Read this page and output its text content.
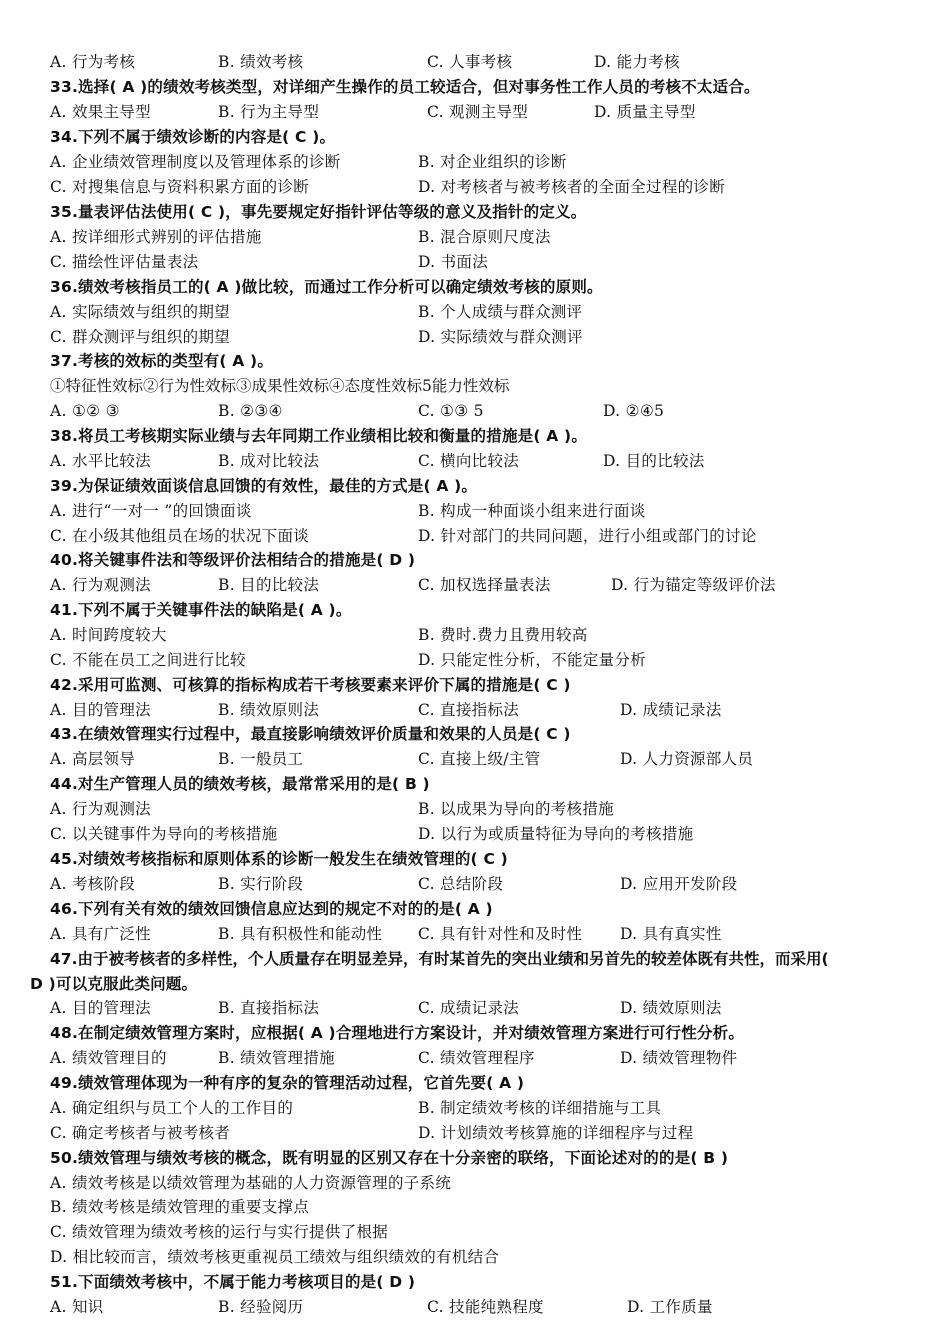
A. 行为考核	B. 绩效考核	C. 人事考核	D. 能力考核
33.选择( A )的绩效考核类型，对详细产生操作的员工较适合，但对事务性工作人员的考核不太适合。
A. 效果主导型	B. 行为主导型	C. 观测主导型	D. 质量主导型
34.下列不属于绩效诊断的内容是( C )。
A. 企业绩效管理制度以及管理体系的诊断	B. 对企业组织的诊断
C. 对搜集信息与资料积累方面的诊断	D. 对考核者与被考核者的全面全过程的诊断
35.量表评估法使用( C )，事先要规定好指针评估等级的意义及指针的定义。
A. 按详细形式辨别的评估措施	B. 混合原则尺度法
C. 描绘性评估量表法	D. 书面法
36.绩效考核指员工的( A )做比较，而通过工作分析可以确定绩效考核的原则。
A. 实际绩效与组织的期望	B. 个人成绩与群众测评
C. 群众测评与组织的期望	D. 实际绩效与群众测评
37.考核的效标的类型有( A )。
①特征性效标②行为性效标③成果性效标④态度性效标5能力性效标
A. ①② ③	B. ②③④	C. ①③ 5	D. ②④5
38.将员工考核期实际业绩与去年同期工作业绩相比较和衡量的措施是( A )。
A. 水平比较法	B. 成对比较法	C. 横向比较法	D. 目的比较法
39.为保证绩效面谈信息回馈的有效性，最佳的方式是( A )。
A. 进行“一对一 ”的回馈面谈	B. 构成一种面谈小组来进行面谈
C. 在小级其他组员在场的状况下面谈	D. 针对部门的共同问题，进行小组或部门的讨论
40.将关键事件法和等级评价法相结合的措施是( D )
A. 行为观测法	B. 目的比较法	C. 加权选择量表法	D. 行为锚定等级评价法
41.下列不属于关键事件法的缺陷是( A )。
A. 时间跨度较大	B. 费时.费力且费用较高
C. 不能在员工之间进行比较	D. 只能定性分析，不能定量分析
42.采用可监测、可核算的指标构成若干考核要素来评价下属的措施是( C )
A. 目的管理法	B. 绩效原则法	C. 直接指标法	D. 成绩记录法
43.在绩效管理实行过程中，最直接影响绩效评价质量和效果的人员是( C )
A. 高层领导	B. 一般员工	C. 直接上级/主管	D. 人力资源部人员
44.对生产管理人员的绩效考核，最常常采用的是( B )
A. 行为观测法	B. 以成果为导向的考核措施
C. 以关键事件为导向的考核措施	D. 以行为或质量特征为导向的考核措施
45.对绩效考核指标和原则体系的诊断一般发生在绩效管理的( C )
A. 考核阶段	B. 实行阶段	C. 总结阶段	D. 应用开发阶段
46.下列有关有效的绩效回馈信息应达到的规定不对的的是( A )
A. 具有广泛性	B. 具有积极性和能动性 C. 具有针对性和及时性 D. 具有真实性
47.由于被考核者的多样性，个人质量存在明显差异，有时某首先的突出业绩和另首先的较差体既有共性，而采用(
D )可以克服此类问题。
A. 目的管理法	B. 直接指标法	C. 成绩记录法	D. 绩效原则法
48.在制定绩效管理方案时，应根据( A )合理地进行方案设计，并对绩效管理方案进行可行性分析。
A. 绩效管理目的	B. 绩效管理措施	C. 绩效管理程序	D. 绩效管理物件
49.绩效管理体现为一种有序的复杂的管理活动过程，它首先要( A )
A. 确定组织与员工个人的工作目的	B. 制定绩效考核的详细措施与工具
C. 确定考核者与被考核者	D. 计划绩效考核算施的详细程序与过程
50.绩效管理与绩效考核的概念，既有明显的区别又存在十分亲密的联络，下面论述对的的是( B )
A. 绩效考核是以绩效管理为基础的人力资源管理的子系统
B. 绩效考核是绩效管理的重要支撑点
C. 绩效管理为绩效考核的运行与实行提供了根据
D. 相比较而言，绩效考核更重视员工绩效与组织绩效的有机结合
51.下面绩效考核中，不属于能力考核项目的是( D )
A. 知识	B. 经验阅历	C. 技能纯熟程度	D. 工作质量
